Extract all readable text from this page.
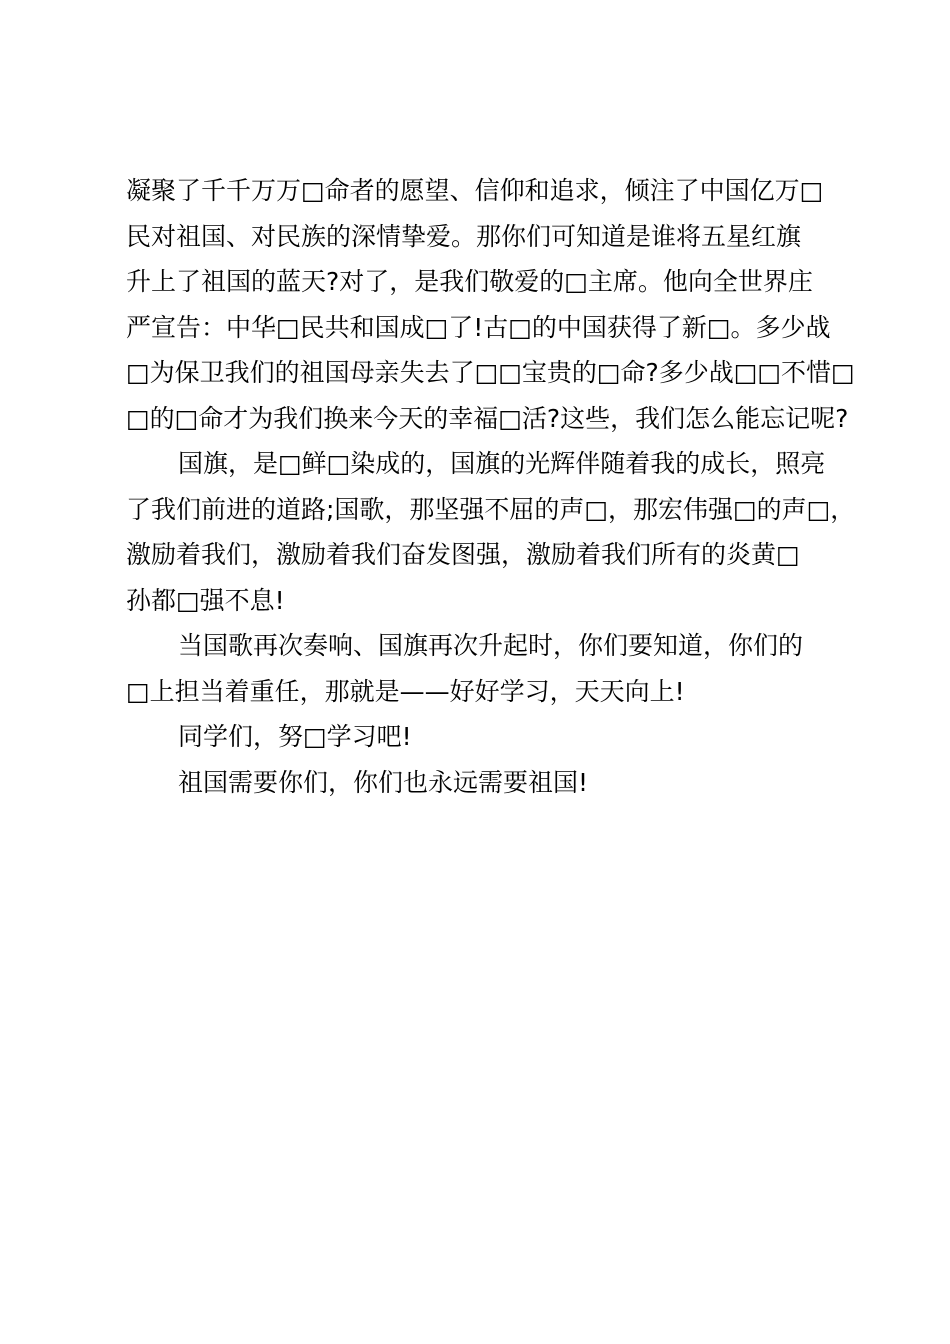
凝聚了千千万万□命者的愿望、信仰和追求，倾注了中国亿万□
民对祖国、对民族的深情挚爱。那你们可知道是谁将五星红旗
升上了祖国的蓝天?对了，是我们敬爱的□主席。他向全世界庄
严宣告：中华□民共和国成□了!古□的中国获得了新□。多少战
□为保卫我们的祖国母亲失去了□□宝贵的□命?多少战□□不惜□
□的□命才为我们换来今天的幸福□活?这些，我们怎么能忘记呢?
国旗，是□鲜□染成的，国旗的光辉伴随着我的成长，照亮
了我们前进的道路;国歌，那坚强不屈的声□，那宏伟强□的声□，
激励着我们，激励着我们奋发图强，激励着我们所有的炎黄□
孙都□强不息!
当国歌再次奏响、国旗再次升起时，你们要知道，你们的
□上担当着重任，那就是——好好学习，天天向上!
同学们，努□学习吧!
祖国需要你们，你们也永远需要祖国!
